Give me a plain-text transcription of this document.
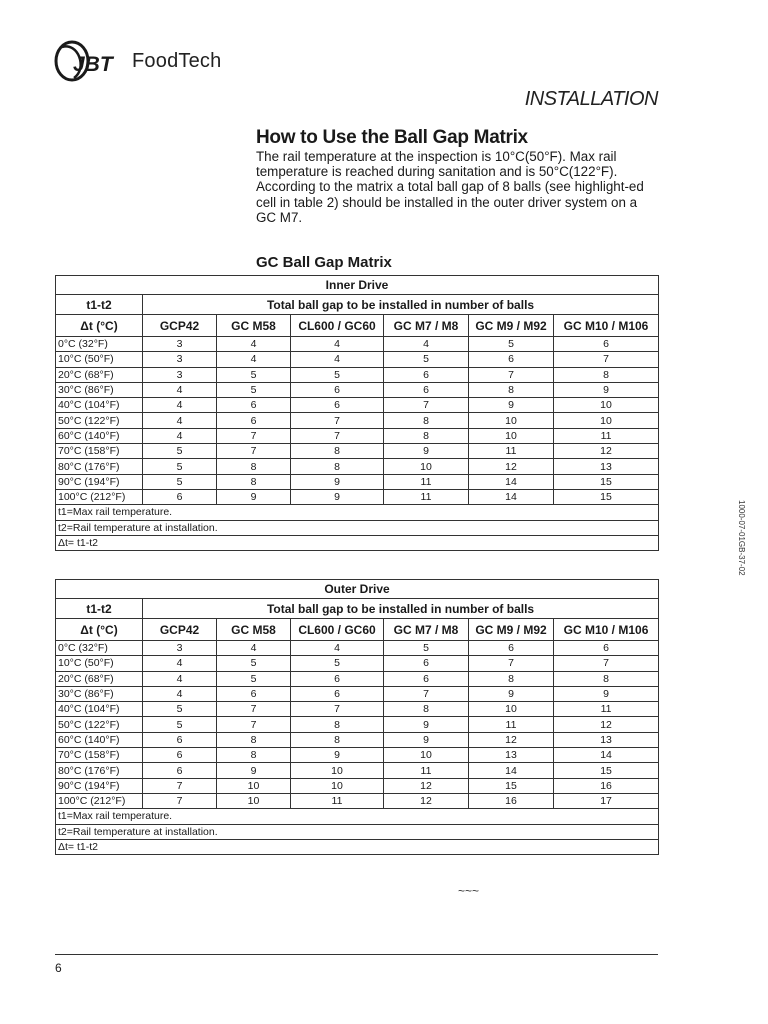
JBT FoodTech
INSTALLATION
How to Use the Ball Gap Matrix
The rail temperature at the inspection is 10°C(50°F). Max rail temperature is reached during sanitation and is 50°C(122°F). According to the matrix a total ball gap of 8 balls (see highlight-ed cell in table 2) should be installed in the outer driver system on a GC M7.
GC Ball Gap Matrix
Inner Drive						
t1-t2	Total ball gap to be installed in number of balls					
Δt (°C)	GCP42	GC M58	CL600 / GC60	GC M7 / M8	GC M9 / M92	GC M10 / M106
0°C (32°F)	3	4	4	4	5	6
10°C (50°F)	3	4	4	5	6	7
20°C (68°F)	3	5	5	6	7	8
30°C (86°F)	4	5	6	6	8	9
40°C (104°F)	4	6	6	7	9	10
50°C (122°F)	4	6	7	8	10	10
60°C (140°F)	4	7	7	8	10	11
70°C (158°F)	5	7	8	9	11	12
80°C (176°F)	5	8	8	10	12	13
90°C (194°F)	5	8	9	11	14	15
100°C (212°F)	6	9	9	11	14	15
t1=Max rail temperature.						
t2=Rail temperature at installation.						
Δt= t1-t2						
Outer Drive						
t1-t2	Total ball gap to be installed in number of balls					
Δt (°C)	GCP42	GC M58	CL600 / GC60	GC M7 / M8	GC M9 / M92	GC M10 / M106
0°C (32°F)	3	4	4	5	6	6
10°C (50°F)	4	5	5	6	7	7
20°C (68°F)	4	5	6	6	8	8
30°C (86°F)	4	6	6	7	9	9
40°C (104°F)	5	7	7	8	10	11
50°C (122°F)	5	7	8	9	11	12
60°C (140°F)	6	8	8	9	12	13
70°C (158°F)	6	8	9	10	13	14
80°C (176°F)	6	9	10	11	14	15
90°C (194°F)	7	10	10	12	15	16
100°C (212°F)	7	10	11	12	16	17
t1=Max rail temperature.						
t2=Rail temperature at installation.						
Δt= t1-t2						
1000-07-01GB-37-02
~~~
6
